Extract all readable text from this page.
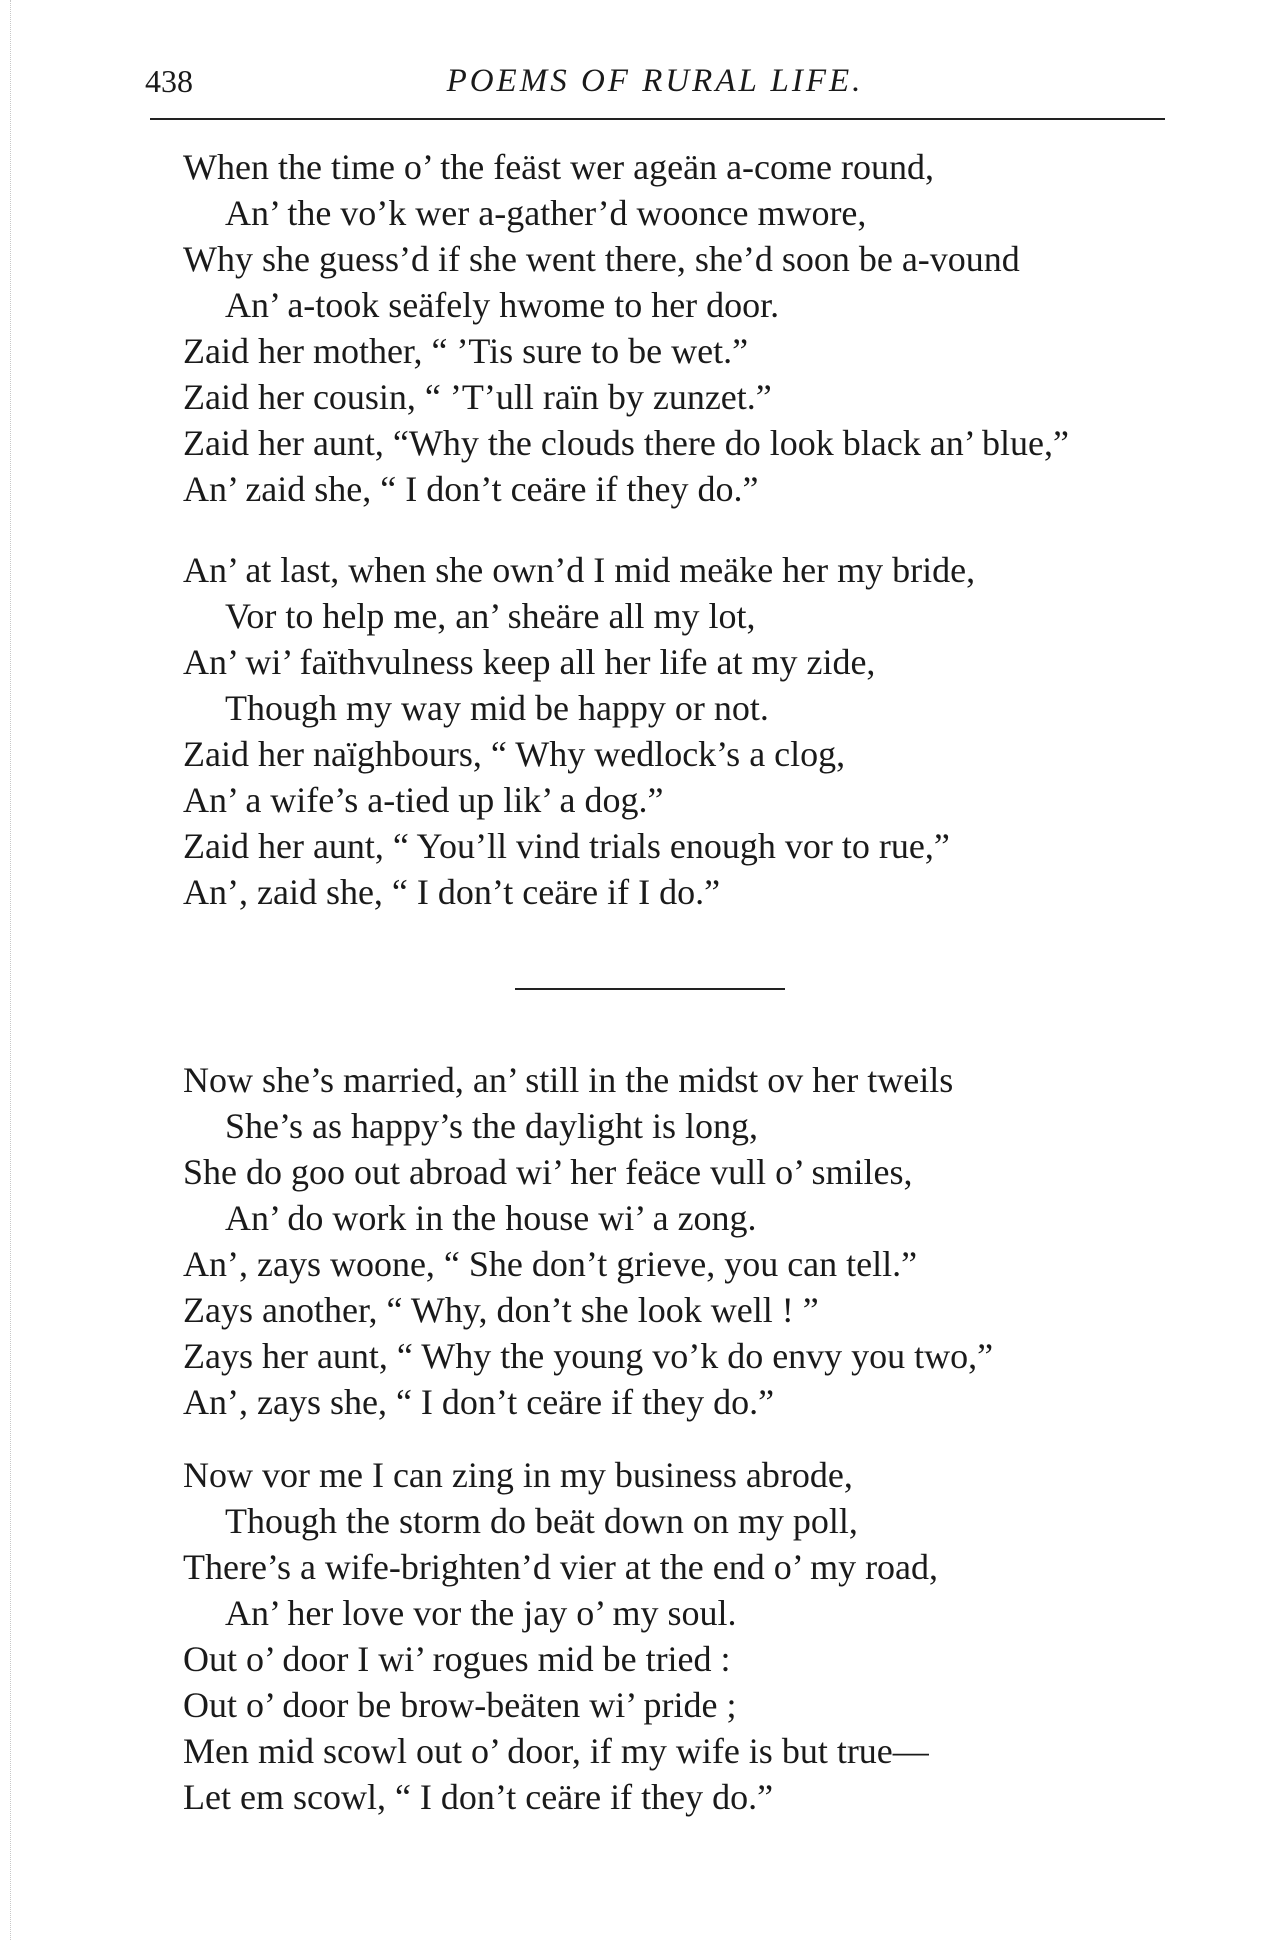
438	POEMS OF RURAL LIFE.
When the time o’ the feäst wer ageän a-come round,
An’ the vo’k wer a-gather’d woonce mwore,
Why she guess’d if she went there, she’d soon be a-vound
An’ a-took seäfely hwome to her door.
Zaid her mother, “ ’Tis sure to be wet.”
Zaid her cousin, “ ’T’ull raïn by zunzet.”
Zaid her aunt, “Why the clouds there do look black an’ blue,”
An’ zaid she, “ I don’t ceäre if they do.”
An’ at last, when she own’d I mid meäke her my bride,
Vor to help me, an’ sheäre all my lot,
An’ wi’ faïthvulness keep all her life at my zide,
Though my way mid be happy or not.
Zaid her naïghbours, “ Why wedlock’s a clog,
An’ a wife’s a-tied up lik’ a dog.”
Zaid her aunt, “ You’ll vind trials enough vor to rue,”
An’, zaid she, “ I don’t ceäre if I do.”
Now she’s married, an’ still in the midst ov her tweils
She’s as happy’s the daylight is long,
She do goo out abroad wi’ her feäce vull o’ smiles,
An’ do work in the house wi’ a zong.
An’, zays woone, “ She don’t grieve, you can tell.”
Zays another, “ Why, don’t she look well ! ”
Zays her aunt, “ Why the young vo’k do envy you two,”
An’, zays she, “ I don’t ceäre if they do.”
Now vor me I can zing in my business abrode,
Though the storm do beät down on my poll,
There’s a wife-brighten’d vier at the end o’ my road,
An’ her love vor the jay o’ my soul.
Out o’ door I wi’ rogues mid be tried :
Out o’ door be brow-beäten wi’ pride ;
Men mid scowl out o’ door, if my wife is but true—
Let em scowl, “ I don’t ceäre if they do.”
